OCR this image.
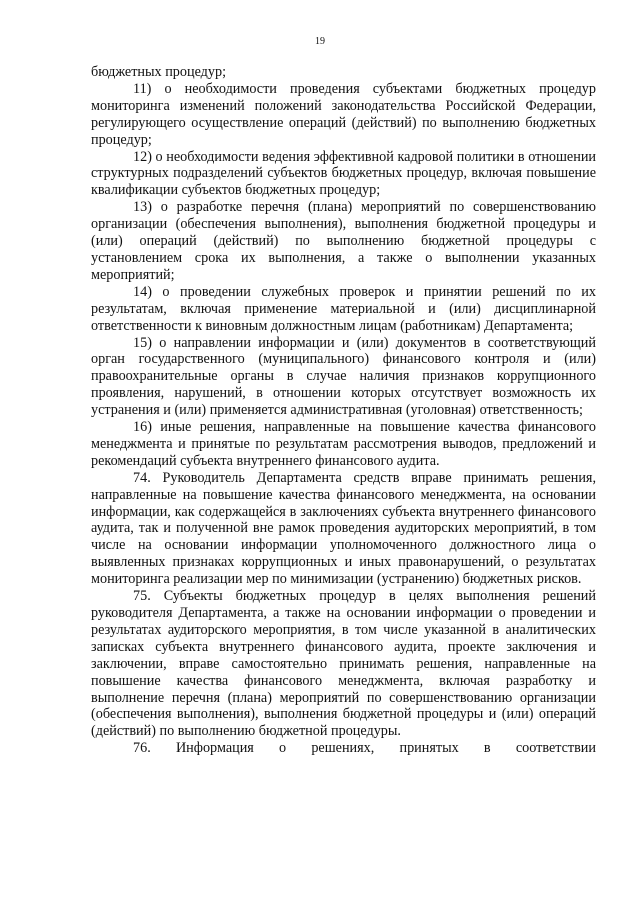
19

бюджетных процедур;

11) о необходимости проведения субъектами бюджетных процедур мониторинга изменений положений законодательства Российской Федерации, регулирующего осуществление операций (действий) по выполнению бюджетных процедур;

12) о необходимости ведения эффективной кадровой политики в отношении структурных подразделений субъектов бюджетных процедур, включая повышение квалификации субъектов бюджетных процедур;

13) о разработке перечня (плана) мероприятий по совершенствованию организации (обеспечения выполнения), выполнения бюджетной процедуры и (или) операций (действий) по выполнению бюджетной процедуры с установлением срока их выполнения, а также о выполнении указанных мероприятий;

14) о проведении служебных проверок и принятии решений по их результатам, включая применение материальной и (или) дисциплинарной ответственности к виновным должностным лицам (работникам) Департамента;

15) о направлении информации и (или) документов в соответствующий орган государственного (муниципального) финансового контроля и (или) правоохранительные органы в случае наличия признаков коррупционного проявления, нарушений, в отношении которых отсутствует возможность их устранения и (или) применяется административная (уголовная) ответственность;

16) иные решения, направленные на повышение качества финансового менеджмента и принятые по результатам рассмотрения выводов, предложений и рекомендаций субъекта внутреннего финансового аудита.

74. Руководитель Департамента средств вправе принимать решения, направленные на повышение качества финансового менеджмента, на основании информации, как содержащейся в заключениях субъекта внутреннего финансового аудита, так и полученной вне рамок проведения аудиторских мероприятий, в том числе на основании информации уполномоченного должностного лица о выявленных признаках коррупционных и иных правонарушений, о результатах мониторинга реализации мер по минимизации (устранению) бюджетных рисков.

75. Субъекты бюджетных процедур в целях выполнения решений руководителя Департамента, а также на основании информации о проведении и результатах аудиторского мероприятия, в том числе указанной в аналитических записках субъекта внутреннего финансового аудита, проекте заключения и заключении, вправе самостоятельно принимать решения, направленные на повышение качества финансового менеджмента, включая разработку и выполнение перечня (плана) мероприятий по совершенствованию организации (обеспечения выполнения), выполнения бюджетной процедуры и (или) операций (действий) по выполнению бюджетной процедуры.

76. Информация о решениях, принятых в соответствии
